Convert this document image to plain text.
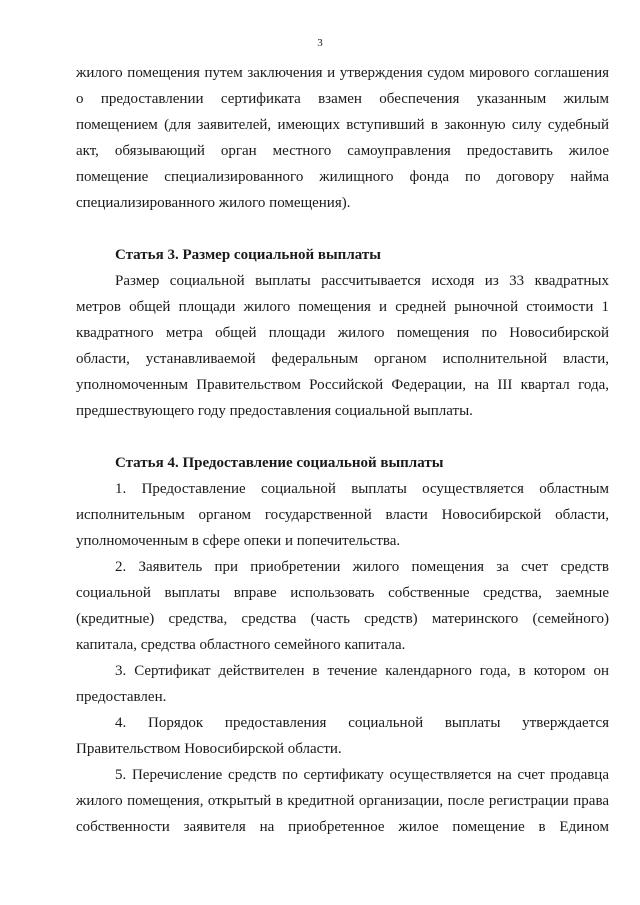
3
жилого помещения путем заключения и утверждения судом мирового соглашения
о предоставлении сертификата взамен обеспечения указанным жилым
помещением (для заявителей, имеющих вступивший в законную силу судебный
акт, обязывающий орган местного самоуправления предоставить жилое
помещение специализированного жилищного фонда по договору найма
специализированного жилого помещения).
Статья 3. Размер социальной выплаты
Размер социальной выплаты рассчитывается исходя из 33 квадратных
метров общей площади жилого помещения и средней рыночной стоимости 1
квадратного метра общей площади жилого помещения по Новосибирской
области, устанавливаемой федеральным органом исполнительной власти,
уполномоченным Правительством Российской Федерации, на III квартал года,
предшествующего году предоставления социальной выплаты.
Статья 4. Предоставление социальной выплаты
1. Предоставление социальной выплаты осуществляется областным
исполнительным органом государственной власти Новосибирской области,
уполномоченным в сфере опеки и попечительства.
2. Заявитель при приобретении жилого помещения за счет средств
социальной выплаты вправе использовать собственные средства, заемные
(кредитные) средства, средства (часть средств) материнского (семейного)
капитала, средства областного семейного капитала.
3. Сертификат действителен в течение календарного года, в котором он
предоставлен.
4. Порядок предоставления социальной выплаты утверждается
Правительством Новосибирской области.
5. Перечисление средств по сертификату осуществляется на счет продавца
жилого помещения, открытый в кредитной организации, после регистрации права
собственности заявителя на приобретенное жилое помещение в Едином
